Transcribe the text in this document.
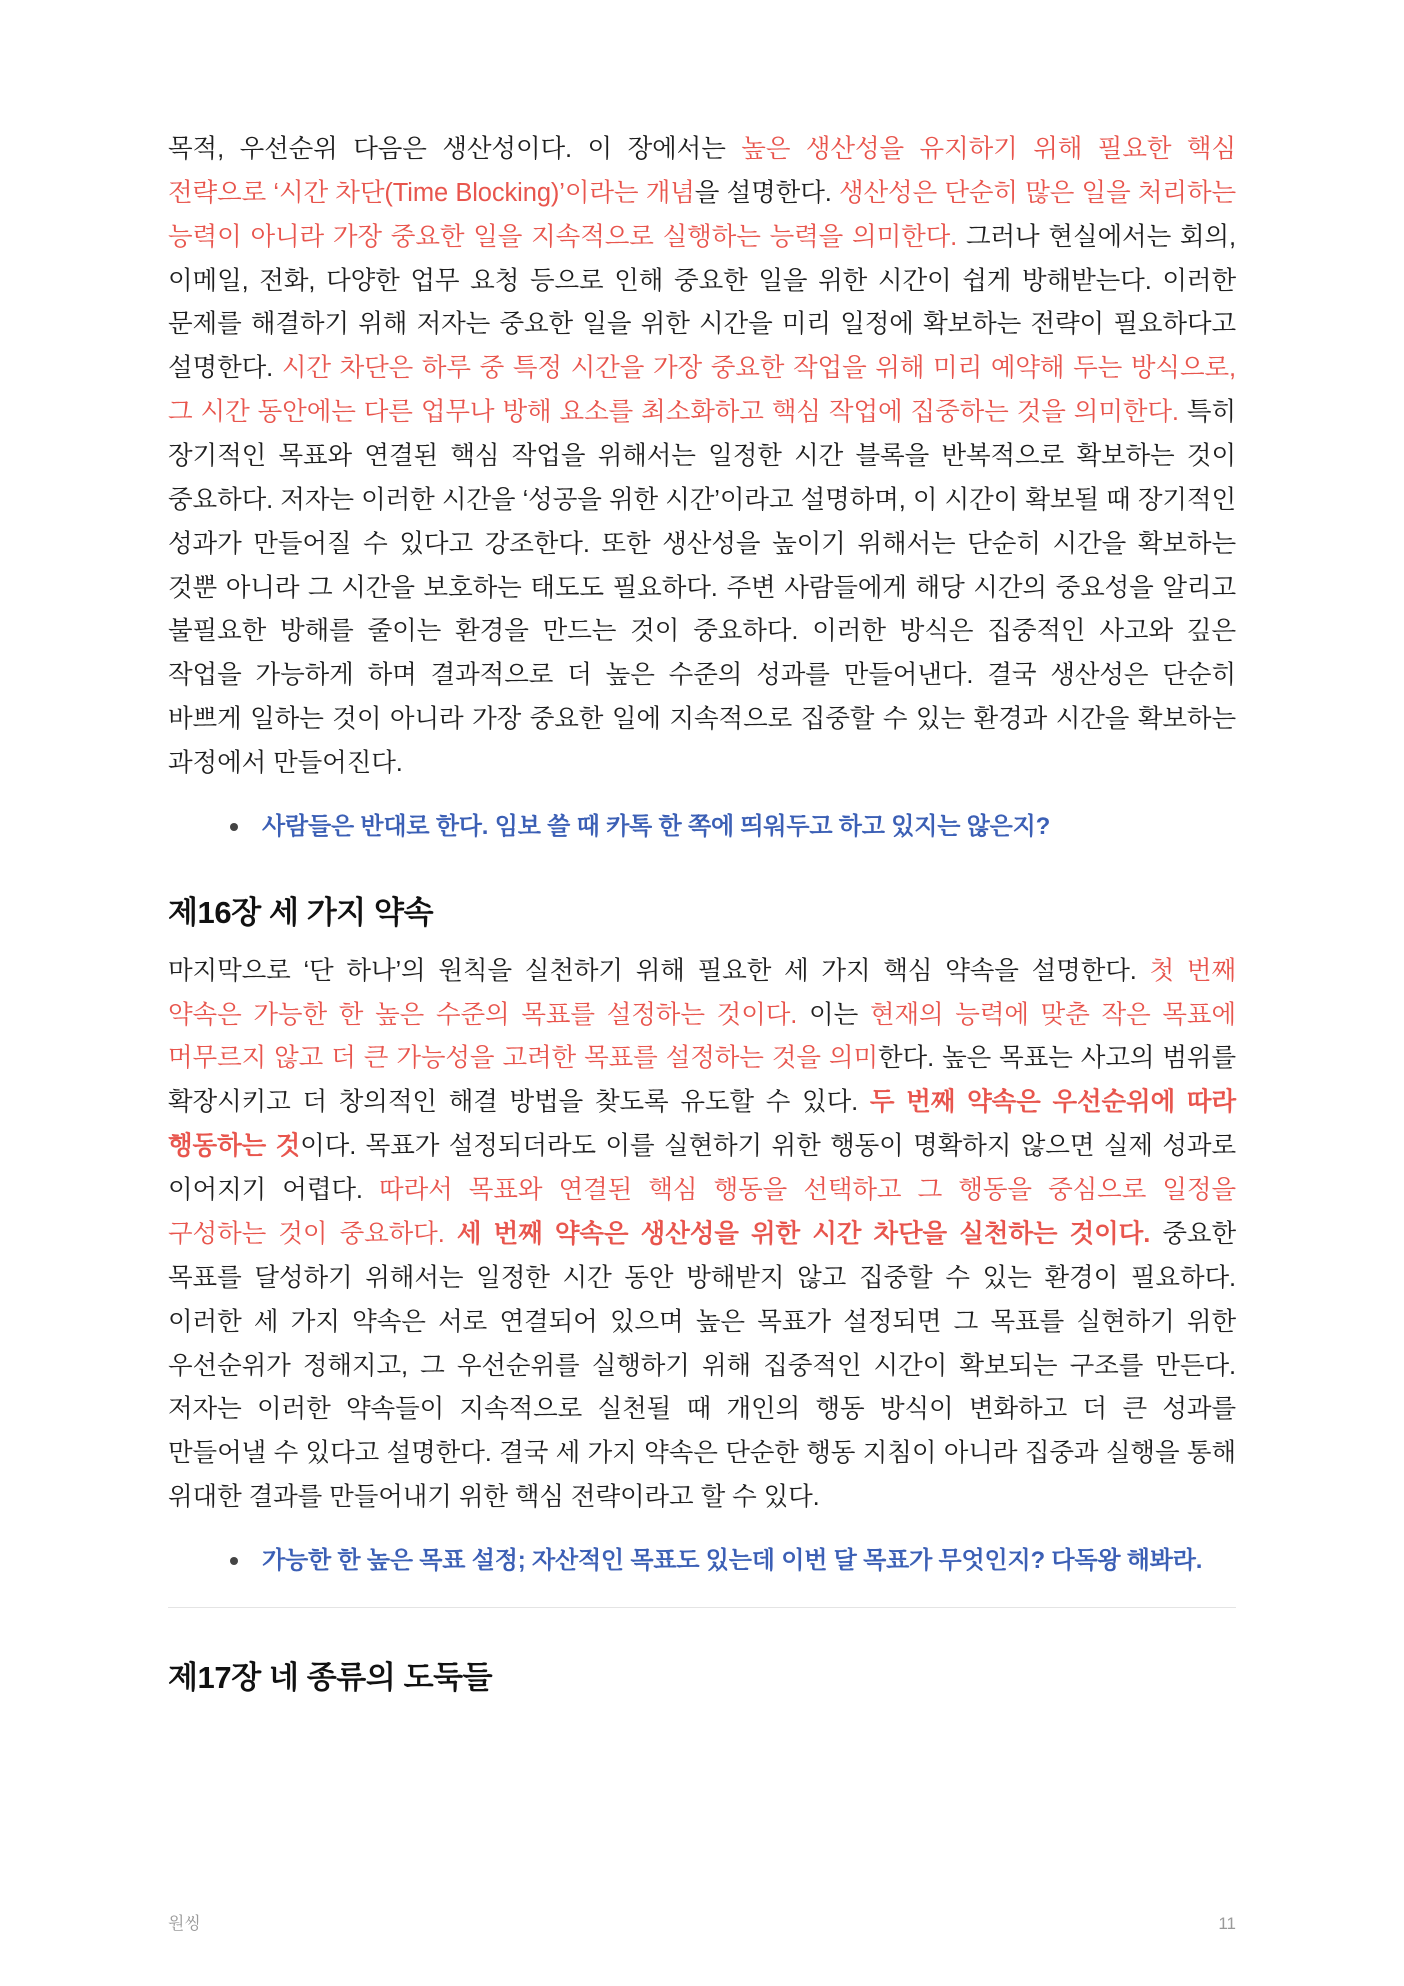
목적, 우선순위 다음은 생산성이다. 이 장에서는 높은 생산성을 유지하기 위해 필요한 핵심 전략으로 ‘시간 차단(Time Blocking)’이라는 개념을 설명한다. 생산성은 단순히 많은 일을 처리하는 능력이 아니라 가장 중요한 일을 지속적으로 실행하는 능력을 의미한다. 그러나 현실에서는 회의, 이메일, 전화, 다양한 업무 요청 등으로 인해 중요한 일을 위한 시간이 쉽게 방해받는다. 이러한 문제를 해결하기 위해 저자는 중요한 일을 위한 시간을 미리 일정에 확보하는 전략이 필요하다고 설명한다. 시간 차단은 하루 중 특정 시간을 가장 중요한 작업을 위해 미리 예약해 두는 방식으로, 그 시간 동안에는 다른 업무나 방해 요소를 최소화하고 핵심 작업에 집중하는 것을 의미한다. 특히 장기적인 목표와 연결된 핵심 작업을 위해서는 일정한 시간 블록을 반복적으로 확보하는 것이 중요하다. 저자는 이러한 시간을 ‘성공을 위한 시간’이라고 설명하며, 이 시간이 확보될 때 장기적인 성과가 만들어질 수 있다고 강조한다. 또한 생산성을 높이기 위해서는 단순히 시간을 확보하는 것뿐 아니라 그 시간을 보호하는 태도도 필요하다. 주변 사람들에게 해당 시간의 중요성을 알리고 불필요한 방해를 줄이는 환경을 만드는 것이 중요하다. 이러한 방식은 집중적인 사고와 깊은 작업을 가능하게 하며 결과적으로 더 높은 수준의 성과를 만들어낸다. 결국 생산성은 단순히 바쁘게 일하는 것이 아니라 가장 중요한 일에 지속적으로 집중할 수 있는 환경과 시간을 확보하는 과정에서 만들어진다.

사람들은 반대로 한다. 임보 쓸 때 카톡 한 쪽에 띄워두고 하고 있지는 않은지?
제16장 세 가지 약속

마지막으로 ‘단 하나’의 원칙을 실천하기 위해 필요한 세 가지 핵심 약속을 설명한다. 첫 번째 약속은 가능한 한 높은 수준의 목표를 설정하는 것이다. 이는 현재의 능력에 맞춘 작은 목표에 머무르지 않고 더 큰 가능성을 고려한 목표를 설정하는 것을 의미한다. 높은 목표는 사고의 범위를 확장시키고 더 창의적인 해결 방법을 찾도록 유도할 수 있다. 두 번째 약속은 우선순위에 따라 행동하는 것이다. 목표가 설정되더라도 이를 실현하기 위한 행동이 명확하지 않으면 실제 성과로 이어지기 어렵다. 따라서 목표와 연결된 핵심 행동을 선택하고 그 행동을 중심으로 일정을 구성하는 것이 중요하다. 세 번째 약속은 생산성을 위한 시간 차단을 실천하는 것이다. 중요한 목표를 달성하기 위해서는 일정한 시간 동안 방해받지 않고 집중할 수 있는 환경이 필요하다. 이러한 세 가지 약속은 서로 연결되어 있으며 높은 목표가 설정되면 그 목표를 실현하기 위한 우선순위가 정해지고, 그 우선순위를 실행하기 위해 집중적인 시간이 확보되는 구조를 만든다. 저자는 이러한 약속들이 지속적으로 실천될 때 개인의 행동 방식이 변화하고 더 큰 성과를 만들어낼 수 있다고 설명한다. 결국 세 가지 약속은 단순한 행동 지침이 아니라 집중과 실행을 통해 위대한 결과를 만들어내기 위한 핵심 전략이라고 할 수 있다.

가능한 한 높은 목표 설정; 자산적인 목표도 있는데 이번 달 목표가 무엇인지? 다독왕 해봐라.
제17장 네 종류의 도둑들
원씽	11
